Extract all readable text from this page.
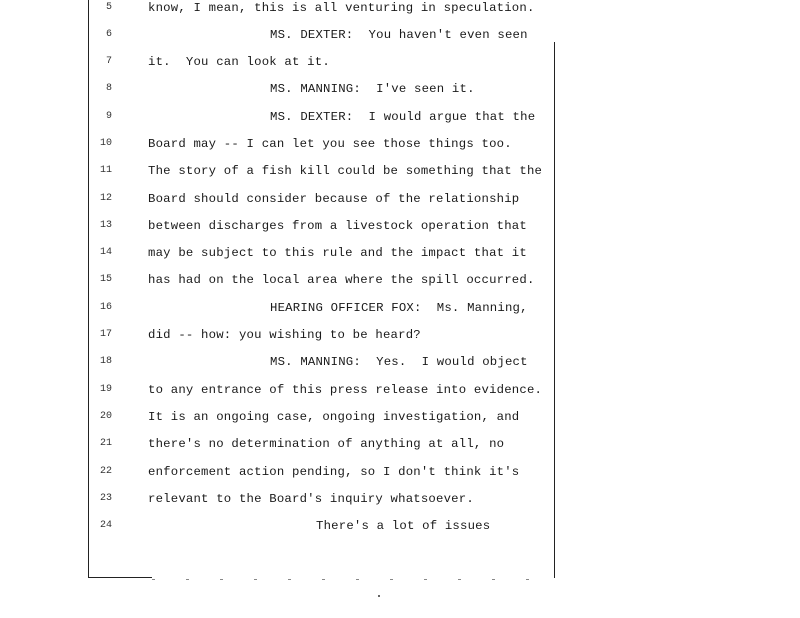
5	know, I mean, this is all venturing in speculation.
6	MS. DEXTER:  You haven't even seen
7	it.  You can look at it.
8	MS. MANNING:  I've seen it.
9	MS. DEXTER:  I would argue that the
10	Board may -- I can let you see those things too.
11	The story of a fish kill could be something that the
12	Board should consider because of the relationship
13	between discharges from a livestock operation that
14	may be subject to this rule and the impact that it
15	has had on the local area where the spill occurred.
16	HEARING OFFICER FOX:  Ms. Manning,
17	did -- how: you wishing to be heard?
18	MS. MANNING:  Yes.  I would object
19	to any entrance of this press release into evidence.
20	It is an ongoing case, ongoing investigation, and
21	there's no determination of anything at all, no
22	enforcement action pending, so I don't think it's
23	relevant to the Board's inquiry whatsoever.
24	There's a lot of issues
